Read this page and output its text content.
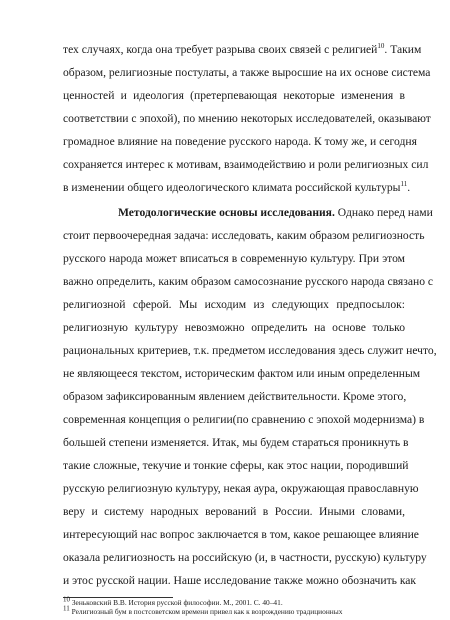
тех случаях, когда она требует разрыва своих связей с религией$^{10}$. Таким
образом, религиозные постулаты, а также выросшие на их основе система
ценностей и идеология (претерпевающая некоторые изменения в
соответствии с эпохой), по мнению некоторых исследователей, оказывают
громадное влияние на поведение русского народа. К тому же, и сегодня
сохраняется интерес к мотивам, взаимодействию и роли религиозных сил
в изменении общего идеологического климата российской культуры$^{11}$.
Методологические основы исследования. Однако перед нами
стоит первоочередная задача: исследовать, каким образом религиозность
русского народа может вписаться в современную культуру. При этом
важно определить, каким образом самосознание русского народа связано с
религиозной сферой. Мы исходим из следующих предпосылок:
религиозную культуру невозможно определить на основе только
рациональных критериев, т.к. предметом исследования здесь служит нечто,
не являющееся текстом, историческим фактом или иным определенным
образом зафиксированным явлением действительности. Кроме этого,
современная концепция о религии(по сравнению с эпохой модернизма) в
большей степени изменяется. Итак, мы будем стараться проникнуть в
такие сложные, текучие и тонкие сферы, как этос нации, породивший
русскую религиозную культуру, некая аура, окружающая православную
веру и систему народных верований в России. Иными словами,
интересующий нас вопрос заключается в том, какое решающее влияние
оказала религиозность на российскую (и, в частности, русскую) культуру
и этос русской нации. Наше исследование также можно обозначить как
10 Зеньковский В.В. История русской философии. М., 2001. С. 40–41.
11 Религиозный бум в постсоветском времени привел как к возрождению традиционных
